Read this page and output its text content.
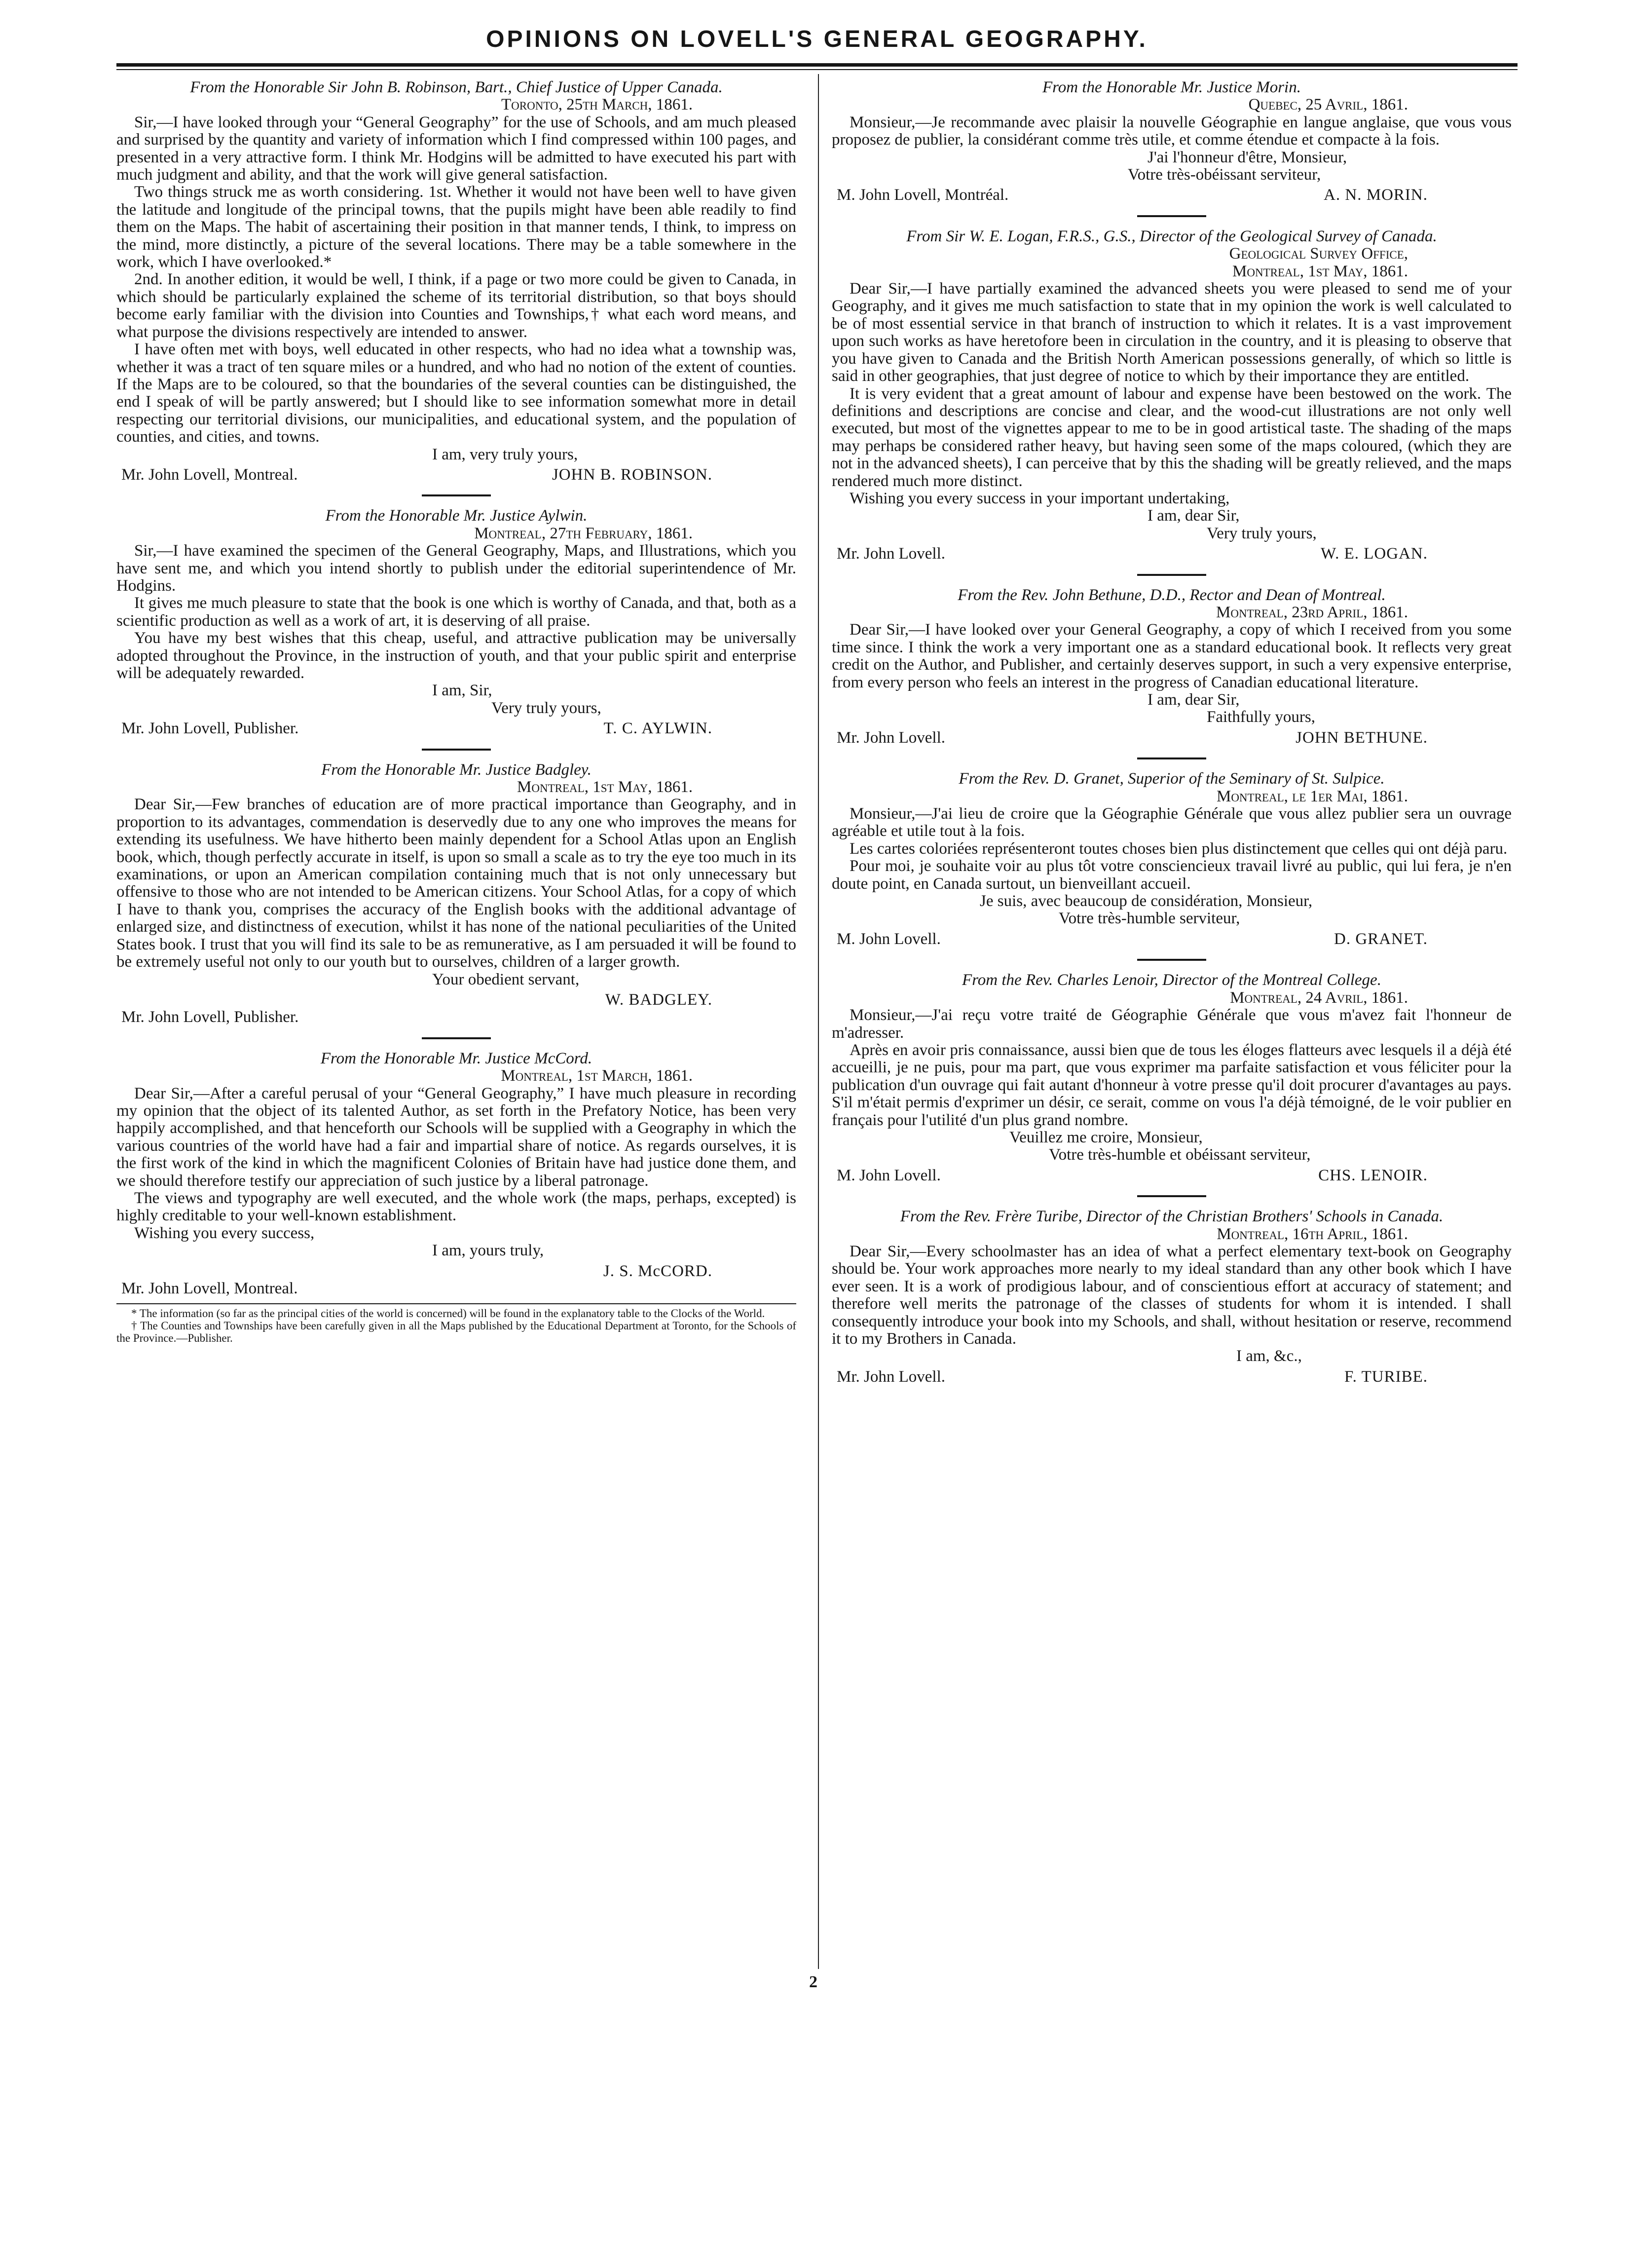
OPINIONS ON LOVELL'S GENERAL GEOGRAPHY.
From the Honorable Sir John B. Robinson, Bart., Chief Justice of Upper Canada.
Toronto, 25th March, 1861.

Sir,—I have looked through your “General Geography” for the use of Schools, and am much pleased and surprised by the quantity and variety of information which I find compressed within 100 pages, and presented in a very attractive form. I think Mr. Hodgins will be admitted to have executed his part with much judgment and ability, and that the work will give general satisfaction.

Two things struck me as worth considering. 1st. Whether it would not have been well to have given the latitude and longitude of the principal towns, that the pupils might have been able readily to find them on the Maps. The habit of ascertaining their position in that manner tends, I think, to impress on the mind, more distinctly, a picture of the several locations. There may be a table somewhere in the work, which I have overlooked.*

2nd. In another edition, it would be well, I think, if a page or two more could be given to Canada, in which should be particularly explained the scheme of its territorial distribution, so that boys should become early familiar with the division into Counties and Townships,† what each word means, and what purpose the divisions respectively are intended to answer.

I have often met with boys, well educated in other respects, who had no idea what a township was, whether it was a tract of ten square miles or a hundred, and who had no notion of the extent of counties. If the Maps are to be coloured, so that the boundaries of the several counties can be distinguished, the end I speak of will be partly answered; but I should like to see information somewhat more in detail respecting our territorial divisions, our municipalities, and educational system, and the population of counties, and cities, and towns.

I am, very truly yours,
Mr. John Lovell, Montreal.	JOHN B. ROBINSON.
From the Honorable Mr. Justice Aylwin.
Montreal, 27th February, 1861.

Sir,—I have examined the specimen of the General Geography, Maps, and Illustrations, which you have sent me, and which you intend shortly to publish under the editorial superintendence of Mr. Hodgins.

It gives me much pleasure to state that the book is one which is worthy of Canada, and that, both as a scientific production as well as a work of art, it is deserving of all praise.

You have my best wishes that this cheap, useful, and attractive publication may be universally adopted throughout the Province, in the instruction of youth, and that your public spirit and enterprise will be adequately rewarded.

I am, Sir,
Very truly yours,
Mr. John Lovell, Publisher.	T. C. AYLWIN.
From the Honorable Mr. Justice Badgley.
Montreal, 1st May, 1861.

Dear Sir,—Few branches of education are of more practical importance than Geography, and in proportion to its advantages, commendation is deservedly due to any one who improves the means for extending its usefulness. We have hitherto been mainly dependent for a School Atlas upon an English book, which, though perfectly accurate in itself, is upon so small a scale as to try the eye too much in its examinations, or upon an American compilation containing much that is not only unnecessary but offensive to those who are not intended to be American citizens. Your School Atlas, for a copy of which I have to thank you, comprises the accuracy of the English books with the additional advantage of enlarged size, and distinctness of execution, whilst it has none of the national peculiarities of the United States book. I trust that you will find its sale to be as remunerative, as I am persuaded it will be found to be extremely useful not only to our youth but to ourselves, children of a larger growth.

Your obedient servant,
W. BADGLEY.
Mr. John Lovell, Publisher.
From the Honorable Mr. Justice McCord.
Montreal, 1st March, 1861.

Dear Sir,—After a careful perusal of your “General Geography,” I have much pleasure in recording my opinion that the object of its talented Author, as set forth in the Prefatory Notice, has been very happily accomplished, and that henceforth our Schools will be supplied with a Geography in which the various countries of the world have had a fair and impartial share of notice. As regards ourselves, it is the first work of the kind in which the magnificent Colonies of Britain have had justice done them, and we should therefore testify our appreciation of such justice by a liberal patronage.

The views and typography are well executed, and the whole work (the maps, perhaps, excepted) is highly creditable to your well-known establishment.

Wishing you every success,

I am, yours truly,
J. S. McCORD.
Mr. John Lovell, Montreal.

* The information (so far as the principal cities of the world is concerned) will be found in the explanatory table to the Clocks of the World.

† The Counties and Townships have been carefully given in all the Maps published by the Educational Department at Toronto, for the Schools of the Province.—Publisher.

From the Honorable Mr. Justice Morin.
Quebec, 25 Avril, 1861.

Monsieur,—Je recommande avec plaisir la nouvelle Géographie en langue anglaise, que vous vous proposez de publier, la considérant comme très utile, et comme étendue et compacte à la fois.

J'ai l'honneur d'être, Monsieur,
Votre très-obéissant serviteur,
M. John Lovell, Montréal.	A. N. MORIN.
From Sir W. E. Logan, F.R.S., G.S., Director of the Geological Survey of Canada.
Geological Survey Office,
Montreal, 1st May, 1861.

Dear Sir,—I have partially examined the advanced sheets you were pleased to send me of your Geography, and it gives me much satisfaction to state that in my opinion the work is well calculated to be of most essential service in that branch of instruction to which it relates. It is a vast improvement upon such works as have heretofore been in circulation in the country, and it is pleasing to observe that you have given to Canada and the British North American possessions generally, of which so little is said in other geographies, that just degree of notice to which by their importance they are entitled.

It is very evident that a great amount of labour and expense have been bestowed on the work. The definitions and descriptions are concise and clear, and the wood-cut illustrations are not only well executed, but most of the vignettes appear to me to be in good artistical taste. The shading of the maps may perhaps be considered rather heavy, but having seen some of the maps coloured, (which they are not in the advanced sheets), I can perceive that by this the shading will be greatly relieved, and the maps rendered much more distinct.

Wishing you every success in your important undertaking,

I am, dear Sir,
Very truly yours,
Mr. John Lovell.	W. E. LOGAN.
From the Rev. John Bethune, D.D., Rector and Dean of Montreal.
Montreal, 23rd April, 1861.

Dear Sir,—I have looked over your General Geography, a copy of which I received from you some time since. I think the work a very important one as a standard educational book. It reflects very great credit on the Author, and Publisher, and certainly deserves support, in such a very expensive enterprise, from every person who feels an interest in the progress of Canadian educational literature.

I am, dear Sir,
Faithfully yours,
Mr. John Lovell.	JOHN BETHUNE.
From the Rev. D. Granet, Superior of the Seminary of St. Sulpice.
Montreal, le 1er Mai, 1861.

Monsieur,—J'ai lieu de croire que la Géographie Générale que vous allez publier sera un ouvrage agréable et utile tout à la fois.

Les cartes coloriées représenteront toutes choses bien plus distinctement que celles qui ont déjà paru.

Pour moi, je souhaite voir au plus tôt votre consciencieux travail livré au public, qui lui fera, je n'en doute point, en Canada surtout, un bienveillant accueil.

Je suis, avec beaucoup de considération, Monsieur,
Votre très-humble serviteur,
M. John Lovell.	D. GRANET.
From the Rev. Charles Lenoir, Director of the Montreal College.
Montreal, 24 Avril, 1861.

Monsieur,—J'ai reçu votre traité de Géographie Générale que vous m'avez fait l'honneur de m'adresser.

Après en avoir pris connaissance, aussi bien que de tous les éloges flatteurs avec lesquels il a déjà été accueilli, je ne puis, pour ma part, que vous exprimer ma parfaite satisfaction et vous féliciter pour la publication d'un ouvrage qui fait autant d'honneur à votre presse qu'il doit procurer d'avantages au pays. S'il m'était permis d'exprimer un désir, ce serait, comme on vous l'a déjà témoigné, de le voir publier en français pour l'utilité d'un plus grand nombre.

Veuillez me croire, Monsieur,
Votre très-humble et obéissant serviteur,
M. John Lovell.	CHS. LENOIR.
From the Rev. Frère Turibe, Director of the Christian Brothers' Schools in Canada.
Montreal, 16th April, 1861.

Dear Sir,—Every schoolmaster has an idea of what a perfect elementary text-book on Geography should be. Your work approaches more nearly to my ideal standard than any other book which I have ever seen. It is a work of prodigious labour, and of conscientious effort at accuracy of statement; and therefore well merits the patronage of the classes of students for whom it is intended. I shall consequently introduce your book into my Schools, and shall, without hesitation or reserve, recommend it to my Brothers in Canada.

I am, &c.,
Mr. John Lovell.	F. TURIBE.
2
